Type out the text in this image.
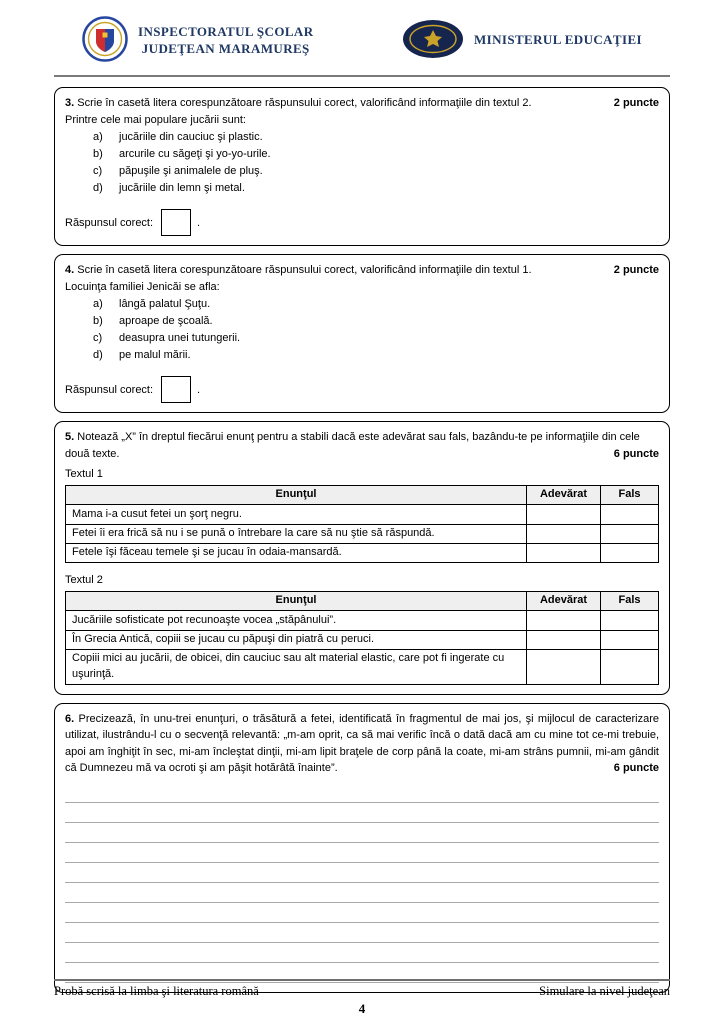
INSPECTORATUL ŞCOLAR
JUDEŢEAN MARAMUREŞ
MINISTERUL EDUCAŢIEI

3. Scrie în casetă litera corespunzătoare răspunsului corect, valorificând informaţiile din textul 2.	2 puncte

Printre cele mai populare jucării sunt:

a)	jucăriile din cauciuc şi plastic.
b)	arcurile cu săgeţi şi yo-yo-urile.
c)	păpuşile şi animalele de pluş.
d)	jucăriile din lemn şi metal.
Răspunsul corect:	.

4. Scrie în casetă litera corespunzătoare răspunsului corect, valorificând informaţiile din textul 1.	2 puncte

Locuinţa familiei Jenicăi se afla:

a)	lângă palatul Şuţu.
b)	aproape de şcoală.
c)	deasupra unei tutungerii.
d)	pe malul mării.
Răspunsul corect:	.

5. Notează „X” în dreptul fiecărui enunţ pentru a stabili dacă este adevărat sau fals, bazându-te pe informaţiile din cele două texte.	6 puncte

Textul 1

Enunţul	Adevărat	Fals
Mama i-a cusut fetei un şorţ negru.		
Fetei îi era frică să nu i se pună o întrebare la care să nu ştie să răspundă.		
Fetele îşi făceau temele şi se jucau în odaia-mansardă.		

Textul 2

Enunţul	Adevărat	Fals
Jucăriile sofisticate pot recunoaşte vocea „stăpânului”.		
În Grecia Antică, copiii se jucau cu păpuşi din piatră cu peruci.		
Copiii mici au jucării, de obicei, din cauciuc sau alt material elastic, care pot fi ingerate cu uşurinţă.		

6. Precizează, în unu-trei enunţuri, o trăsătură a fetei, identificată în fragmentul de mai jos, şi mijlocul de caracterizare utilizat, ilustrându-l cu o secvenţă relevantă: „m-am oprit, ca să mai verific încă o dată dacă am cu mine tot ce-mi trebuie, apoi am înghiţit în sec, mi-am încleştat dinţii, mi-am lipit braţele de corp până la coate, mi-am strâns pumnii, mi-am gândit că Dumnezeu mă va ocroti şi am păşit hotărâtă înainte”.	6 puncte

Probă scrisă la limba şi literatura română	Simulare la nivel judeţean
4
